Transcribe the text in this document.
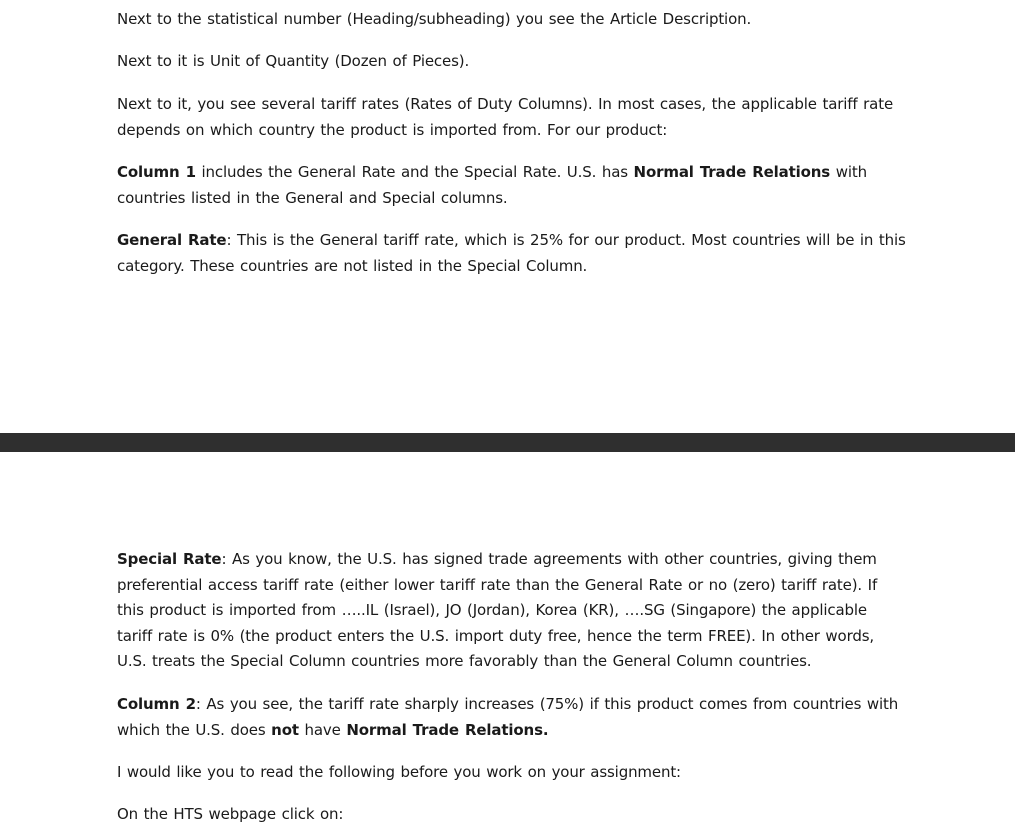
Next to the statistical number (Heading/subheading) you see the Article Description.

Next to it is Unit of Quantity (Dozen of Pieces).

Next to it, you see several tariff rates (Rates of Duty Columns). In most cases, the applicable tariff rate depends on which country the product is imported from. For our product:

Column 1 includes the General Rate and the Special Rate. U.S. has Normal Trade Relations with countries listed in the General and Special columns.

General Rate: This is the General tariff rate, which is 25% for our product. Most countries will be in this category. These countries are not listed in the Special Column.

Special Rate: As you know, the U.S. has signed trade agreements with other countries, giving them preferential access tariff rate (either lower tariff rate than the General Rate or no (zero) tariff rate). If this product is imported from …..IL (Israel), JO (Jordan), Korea (KR), ….SG (Singapore) the applicable tariff rate is 0% (the product enters the U.S. import duty free, hence the term FREE). In other words, U.S. treats the Special Column countries more favorably than the General Column countries.

Column 2: As you see, the tariff rate sharply increases (75%) if this product comes from countries with which the U.S. does not have Normal Trade Relations.

I would like you to read the following before you work on your assignment:

On the HTS webpage click on:
